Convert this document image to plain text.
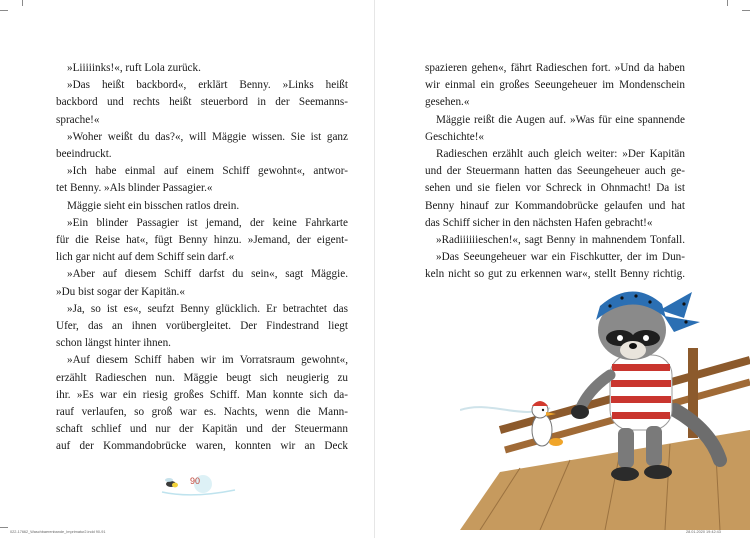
»Liiiiinks!«, ruft Lola zurück.
»Das heißt backbord«, erklärt Benny. »Links heißt
backbord und rechts heißt steuerbord in der Seemanns-
sprache!«
»Woher weißt du das?«, will Mäggie wissen. Sie ist ganz
beeindruckt.
»Ich habe einmal auf einem Schiff gewohnt«, antwor-
tet Benny. »Als blinder Passagier.«
Mäggie sieht ein bisschen ratlos drein.
»Ein blinder Passagier ist jemand, der keine Fahrkarte
für die Reise hat«, fügt Benny hinzu. »Jemand, der eigent-
lich gar nicht auf dem Schiff sein darf.«
»Aber auf diesem Schiff darfst du sein«, sagt Mäggie.
»Du bist sogar der Kapitän.«
»Ja, so ist es«, seufzt Benny glücklich. Er betrachtet das
Ufer, das an ihnen vorübergleitet. Der Findestrand liegt
schon längst hinter ihnen.
»Auf diesem Schiff haben wir im Vorratsraum gewohnt«,
erzählt Radieschen nun. Mäggie beugt sich neugierig zu
ihr. »Es war ein riesig großes Schiff. Man konnte sich da-
rauf verlaufen, so groß war es. Nachts, wenn die Mann-
schaft schlief und nur der Kapitän und der Steuermann
auf der Kommandobrücke waren, konnten wir an Deck
90
spazieren gehen«, fährt Radieschen fort. »Und da haben
wir einmal ein großes Seeungeheuer im Mondenschein
gesehen.«
Mäggie reißt die Augen auf. »Was für eine spannende
Geschichte!«
Radieschen erzählt auch gleich weiter: »Der Kapitän
und der Steuermann hatten das Seeungeheuer auch ge-
sehen und sie fielen vor Schreck in Ohnmacht! Da ist
Benny hinauf zur Kommandobrücke gelaufen und hat
das Schiff sicher in den nächsten Hafen gebracht!«
»Radiiiiiieschen!«, sagt Benny in mahnendem Tonfall.
»Das Seeungeheuer war ein Fischkutter, der im Dun-
keln nicht so gut zu erkennen war«, stellt Benny richtig.
022-17662_Waschbaerenbande_Imprimatur2.indd 90-91	28.01.2020 19:42:43
